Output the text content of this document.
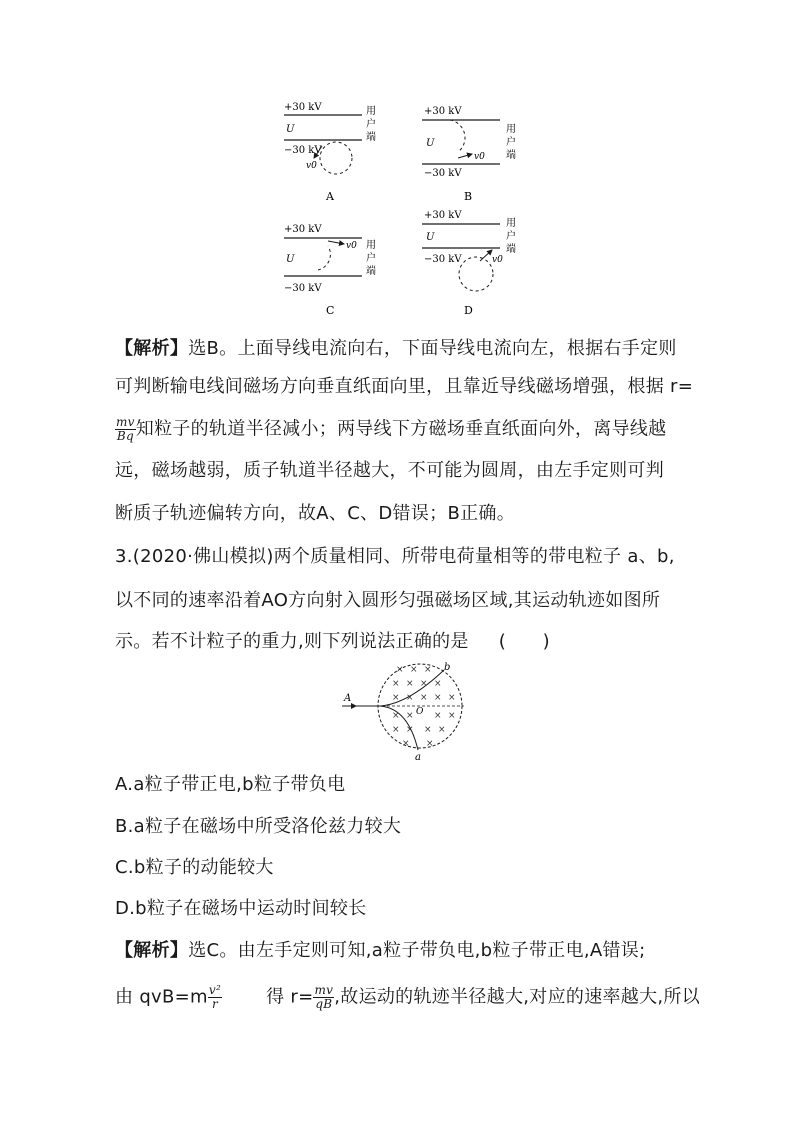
+30 kV
U
−30 kV
v0
用
户
端
A
+30 kV
U
−30 kV
v0
用
户
端
B
+30 kV
U
−30 kV
v0 用
户
端
C
+30 kV
U
−30 kV	v0
用
户
端
D
【解析】选B。上面导线电流向右，下面导线电流向左，根据右手定则
可判断输电线间磁场方向垂直纸面向里，且靠近导线磁场增强，根据 r=
$\frac{mv}{Bq}$ 知粒子的轨道半径减小；两导线下方磁场垂直纸面向外，离导线越
远，磁场越弱，质子轨道半径越大，不可能为圆周，由左手定则可判
断质子轨迹偏转方向，故A、C、D错误；B正确。
3.(2020·佛山模拟)两个质量相同、所带电荷量相等的带电粒子 a、b,
以不同的速率沿着AO方向射入圆形匀强磁场区域,其运动轨迹如图所
示。若不计粒子的重力,则下列说法正确的是 (　　)
A
b
a
O
× × ×
× × × ×
× × × × ×
× × × ×
× × × ×
× ×
A.a粒子带正电,b粒子带负电
B.a粒子在磁场中所受洛伦兹力较大
C.b粒子的动能较大
D.b粒子在磁场中运动时间较长
【解析】选C。由左手定则可知,a粒子带负电,b粒子带正电,A错误;
由 $qvB=m \frac{\text{v²}}{r}$ 得 $r= \frac{mv}{qB}$ ,故运动的轨迹半径越大,对应的速率越大,所以
